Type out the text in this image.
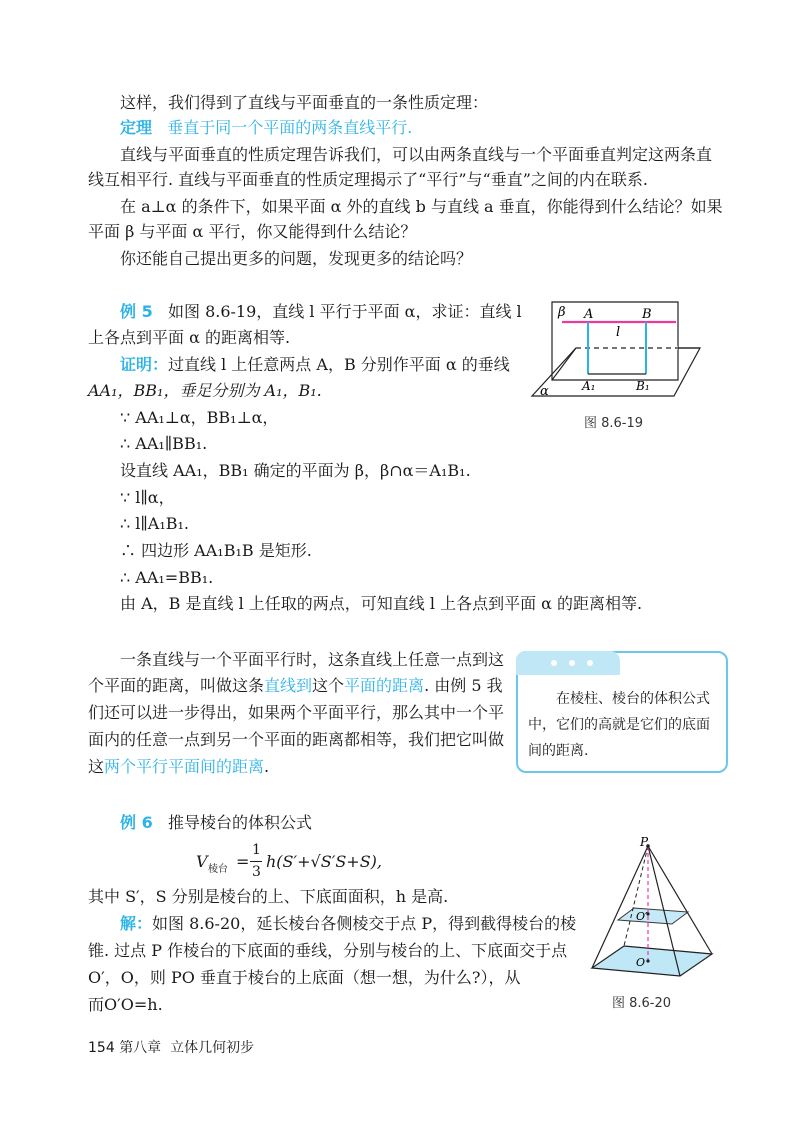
这样，我们得到了直线与平面垂直的一条性质定理：
定理 垂直于同一个平面的两条直线平行.
直线与平面垂直的性质定理告诉我们，可以由两条直线与一个平面垂直判定这两条直
线互相平行. 直线与平面垂直的性质定理揭示了“平行”与“垂直”之间的内在联系.
在 a⊥α 的条件下，如果平面 α 外的直线 b 与直线 a 垂直，你能得到什么结论？如果
平面 β 与平面 α 平行，你又能得到什么结论？
你还能自己提出更多的问题，发现更多的结论吗？
例 5 如图 8.6-19，直线 l 平行于平面 α，求证：直线 l
上各点到平面 α 的距离相等.
证明：过直线 l 上任意两点 A，B 分别作平面 α 的垂线
AA₁，BB₁，垂足分别为 A₁，B₁.
∵ AA₁⊥α，BB₁⊥α，
∴ AA₁∥BB₁.
设直线 AA₁，BB₁ 确定的平面为 β，β∩α＝A₁B₁.
∵ l∥α，
∴ l∥A₁B₁.
∴ 四边形 AA₁B₁B 是矩形.
∴ AA₁=BB₁.
由 A，B 是直线 l 上任取的两点，可知直线 l 上各点到平面 α 的距离相等.
β A	B
l
A₁	B₁
α
图 8.6-19
一条直线与一个平面平行时，这条直线上任意一点到这
个平面的距离，叫做这条直线到这个平面的距离. 由例 5 我
们还可以进一步得出，如果两个平面平行，那么其中一个平
面内的任意一点到另一个平面的距离都相等，我们把它叫做
这两个平行平面间的距离.
在棱柱、棱台的体积公式中，它们的高就是它们的底面间的距离.
例 6 推导棱台的体积公式
V 棱台 =
1
3
h(S′+√S′S+S),
其中 S′，S 分别是棱台的上、下底面面积，h 是高.
解：如图 8.6-20，延长棱台各侧棱交于点 P，得到截得棱台的棱
锥. 过点 P 作棱台的下底面的垂线，分别与棱台的上、下底面交于点
O′，O，则 PO 垂直于棱台的上底面（想一想，为什么?），从
而O′O=h.
P
O′
O
图 8.6-20
154 第八章 立体几何初步
